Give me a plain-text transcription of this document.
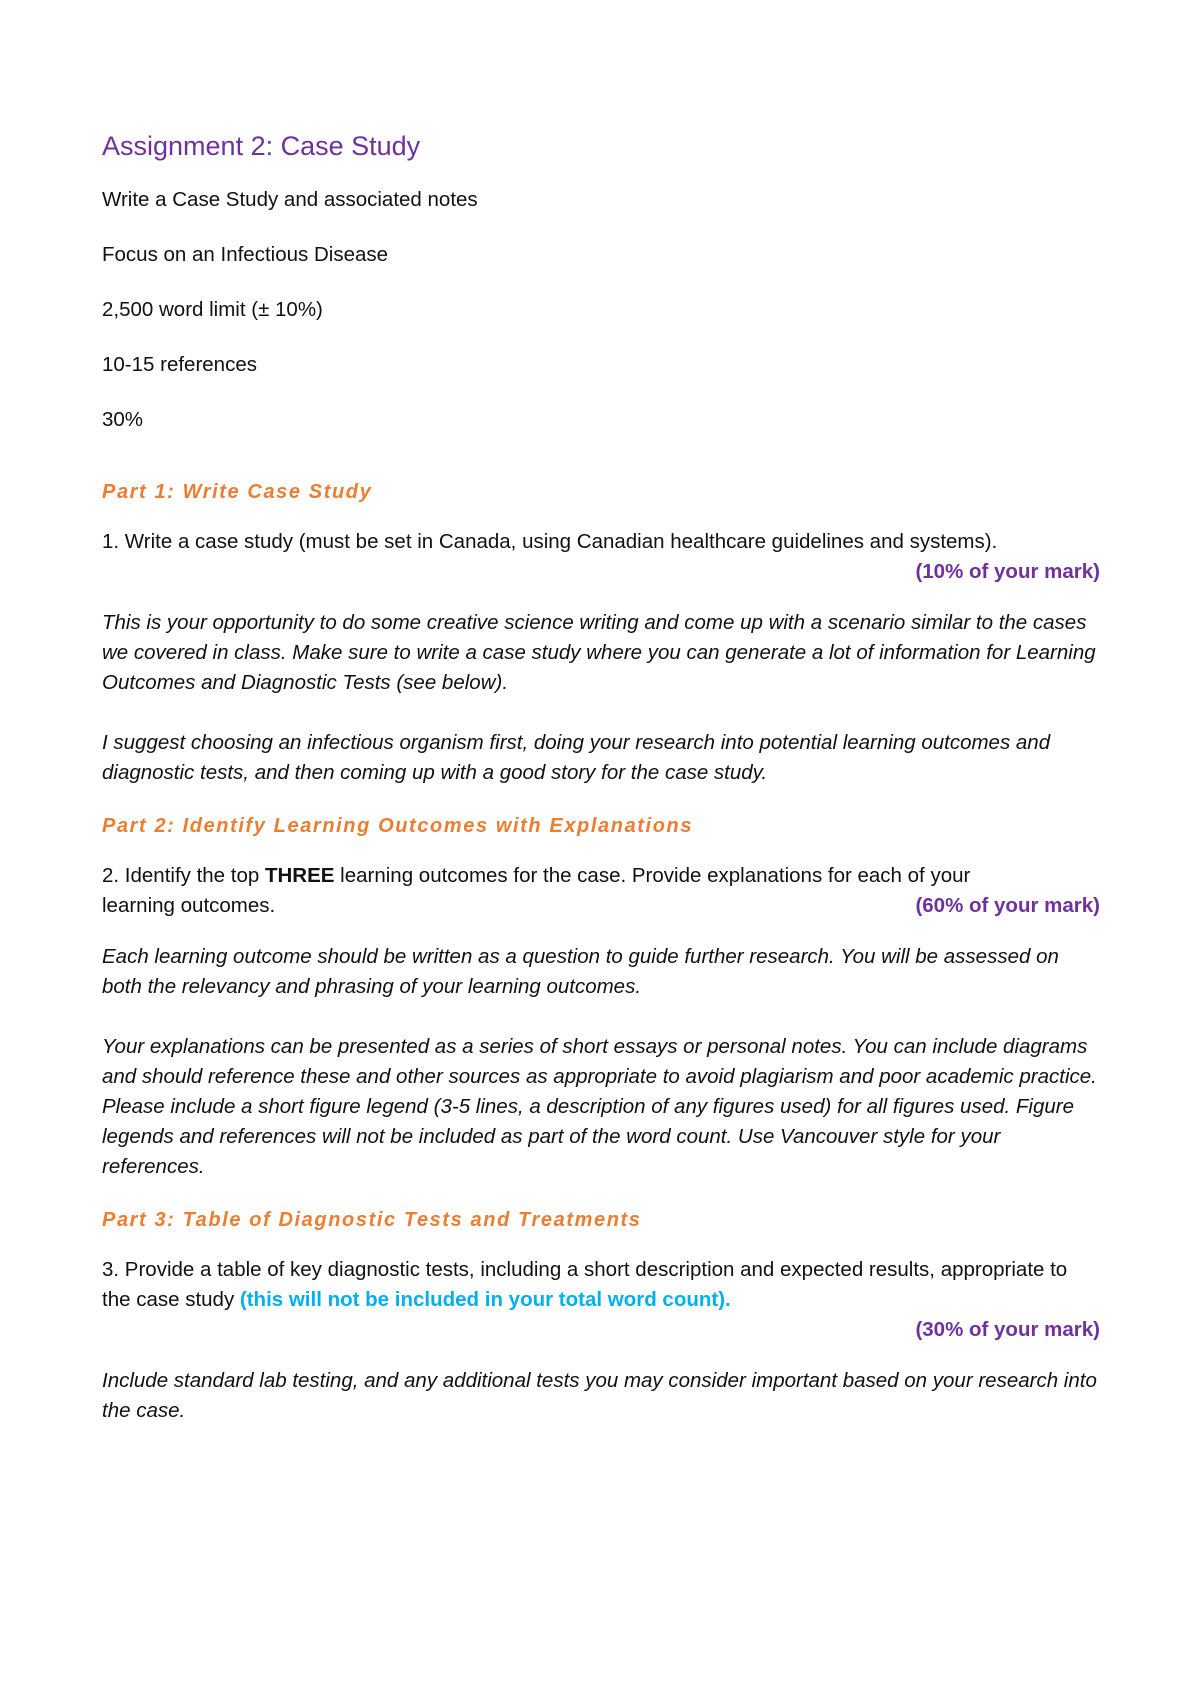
Assignment 2: Case Study

Write a Case Study and associated notes

Focus on an Infectious Disease

2,500 word limit (± 10%)

10-15 references

30%

Part 1: Write Case Study
1. Write a case study (must be set in Canada, using Canadian healthcare guidelines and systems).
(10% of your mark)

This is your opportunity to do some creative science writing and come up with a scenario similar to the cases we covered in class. Make sure to write a case study where you can generate a lot of information for Learning Outcomes and Diagnostic Tests (see below).

I suggest choosing an infectious organism first, doing your research into potential learning outcomes and diagnostic tests, and then coming up with a good story for the case study.

Part 2: Identify Learning Outcomes with Explanations
2. Identify the top THREE learning outcomes for the case. Provide explanations for each of your
learning outcomes.	(60% of your mark)

Each learning outcome should be written as a question to guide further research. You will be assessed on both the relevancy and phrasing of your learning outcomes.

Your explanations can be presented as a series of short essays or personal notes. You can include diagrams and should reference these and other sources as appropriate to avoid plagiarism and poor academic practice. Please include a short figure legend (3-5 lines, a description of any figures used) for all figures used. Figure legends and references will not be included as part of the word count. Use Vancouver style for your references.

Part 3: Table of Diagnostic Tests and Treatments
3. Provide a table of key diagnostic tests, including a short description and expected results, appropriate to the case study (this will not be included in your total word count).
(30% of your mark)

Include standard lab testing, and any additional tests you may consider important based on your research into the case.
